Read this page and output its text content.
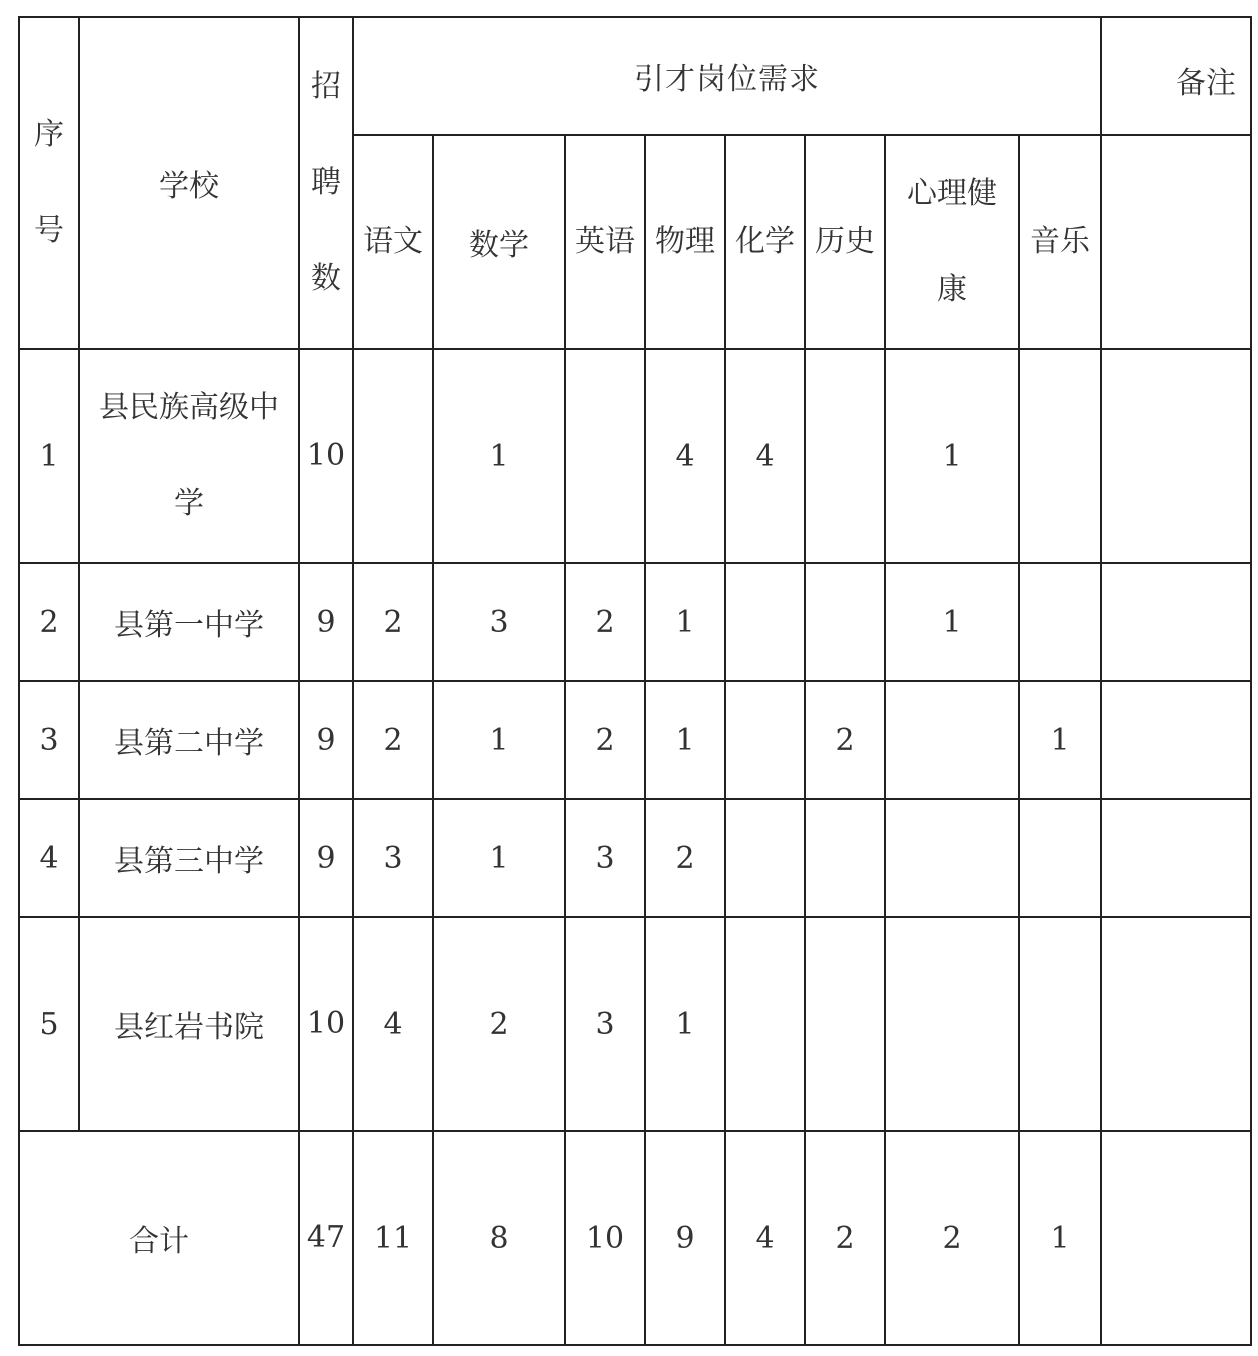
序号	学校	招聘数	引才岗位需求								备注
			语文	数学	英语	物理	化学	历史	心理健康	音乐	
1	县民族高级中学	10		1		4	4		1		
2	县第一中学	9	2	3	2	1			1		
3	县第二中学	9	2	1	2	1		2		1	
4	县第三中学	9	3	1	3	2					
5	县红岩书院	10	4	2	3	1					
合计		47	11	8	10	9	4	2	2	1	
